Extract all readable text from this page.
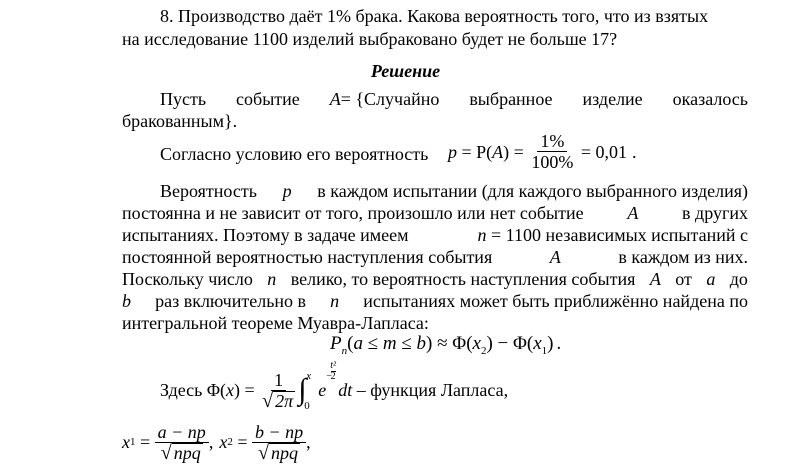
8. Производство даёт 1% брака. Какова вероятность того, что из взятых
на исследование 1100 изделий выбраковано будет не больше 17?
Решение
Пусть событие A= {Случайно выбранное изделие оказалось
бракованным}.
Согласно условию его вероятность p = P( A ) = $\frac{1\%}{100\%} = 0,01$ .
Вероятность p в каждом испытании (для каждого выбранного изделия)
постоянна и не зависит от того, произошло или нет событие A в других
испытаниях. Поэтому в задаче имеем	n = 1100 независимых испытаний с
постоянной вероятностью наступления события	A	в каждом из них.
Поскольку число n велико, то вероятность наступления события A от a до
b раз включительно в n испытаниях может быть приближённо найдена по
интегральной теореме Муавра-Лапласа:
$P_n(a \le m \le b) \approx \Phi(x_2) - \Phi(x_1)$ .
Здесь Φ( x ) = $\frac{1}{√ 2\pi}$ ∫ x
0
e
t²
2
−
dt – функция Лапласа,
x $1 = \frac{a - np}{\text{√ npq}}$ , x $2 = \frac{b - np}{\text{√ npq}}$ ,
